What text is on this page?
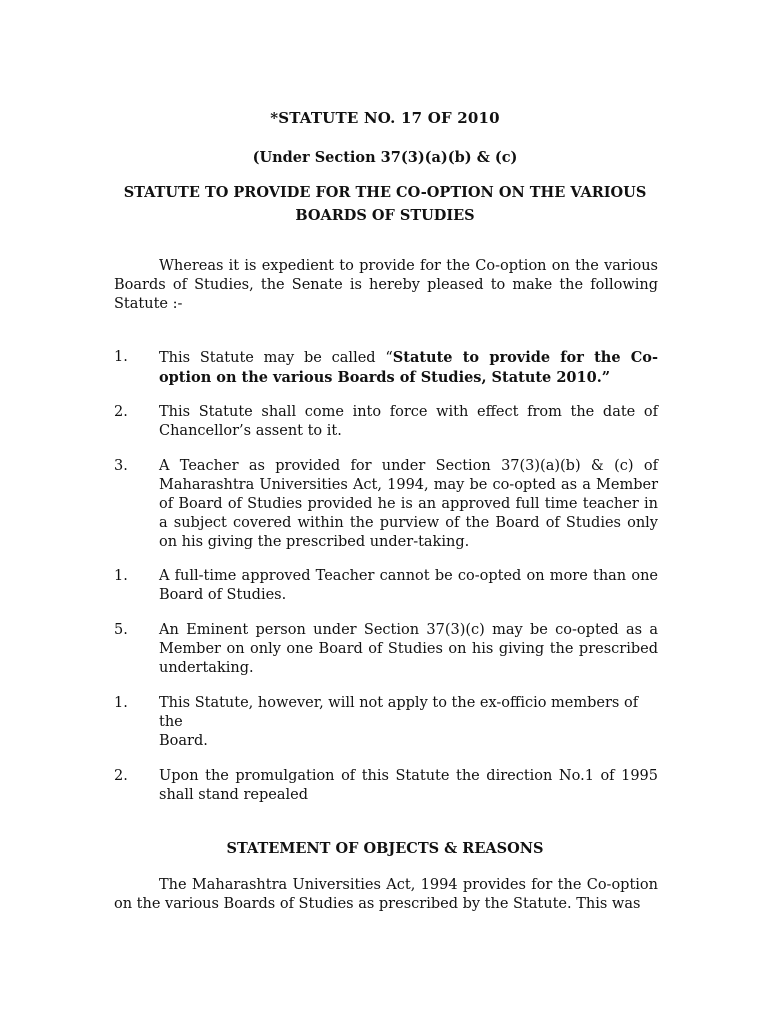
*STATUTE NO. 17 OF 2010

(Under Section 37(3)(a)(b) & (c)

STATUTE TO PROVIDE FOR THE CO-OPTION ON THE VARIOUS BOARDS OF STUDIES

Whereas it is expedient to provide for the Co-option on the various Boards of Studies, the Senate is hereby pleased to make the following Statute :-

1.	This Statute may be called “Statute to provide for the Co-option on the various Boards of Studies, Statute 2010.”
2.	This Statute shall come into force with effect from the date of Chancellor’s assent to it.
3.	A Teacher as provided for under Section 37(3)(a)(b) & (c) of Maharashtra Universities Act, 1994, may be co-opted as a Member of Board of Studies provided he is an approved full time teacher in a subject covered within the purview of the Board of Studies only on his giving the prescribed under-taking.
1.	A full-time approved Teacher cannot be co-opted on more than one Board of Studies.
5.	An Eminent person under Section 37(3)(c) may be co-opted as a Member on only one Board of Studies on his giving the prescribed undertaking.
1.	This Statute, however, will not apply to the ex-officio members of
the
Board.
2.	Upon the promulgation of this Statute the direction No.1 of 1995 shall stand repealed

STATEMENT OF OBJECTS & REASONS

The Maharashtra Universities Act, 1994 provides for the Co-option on the various Boards of Studies as prescribed by the Statute. This was
